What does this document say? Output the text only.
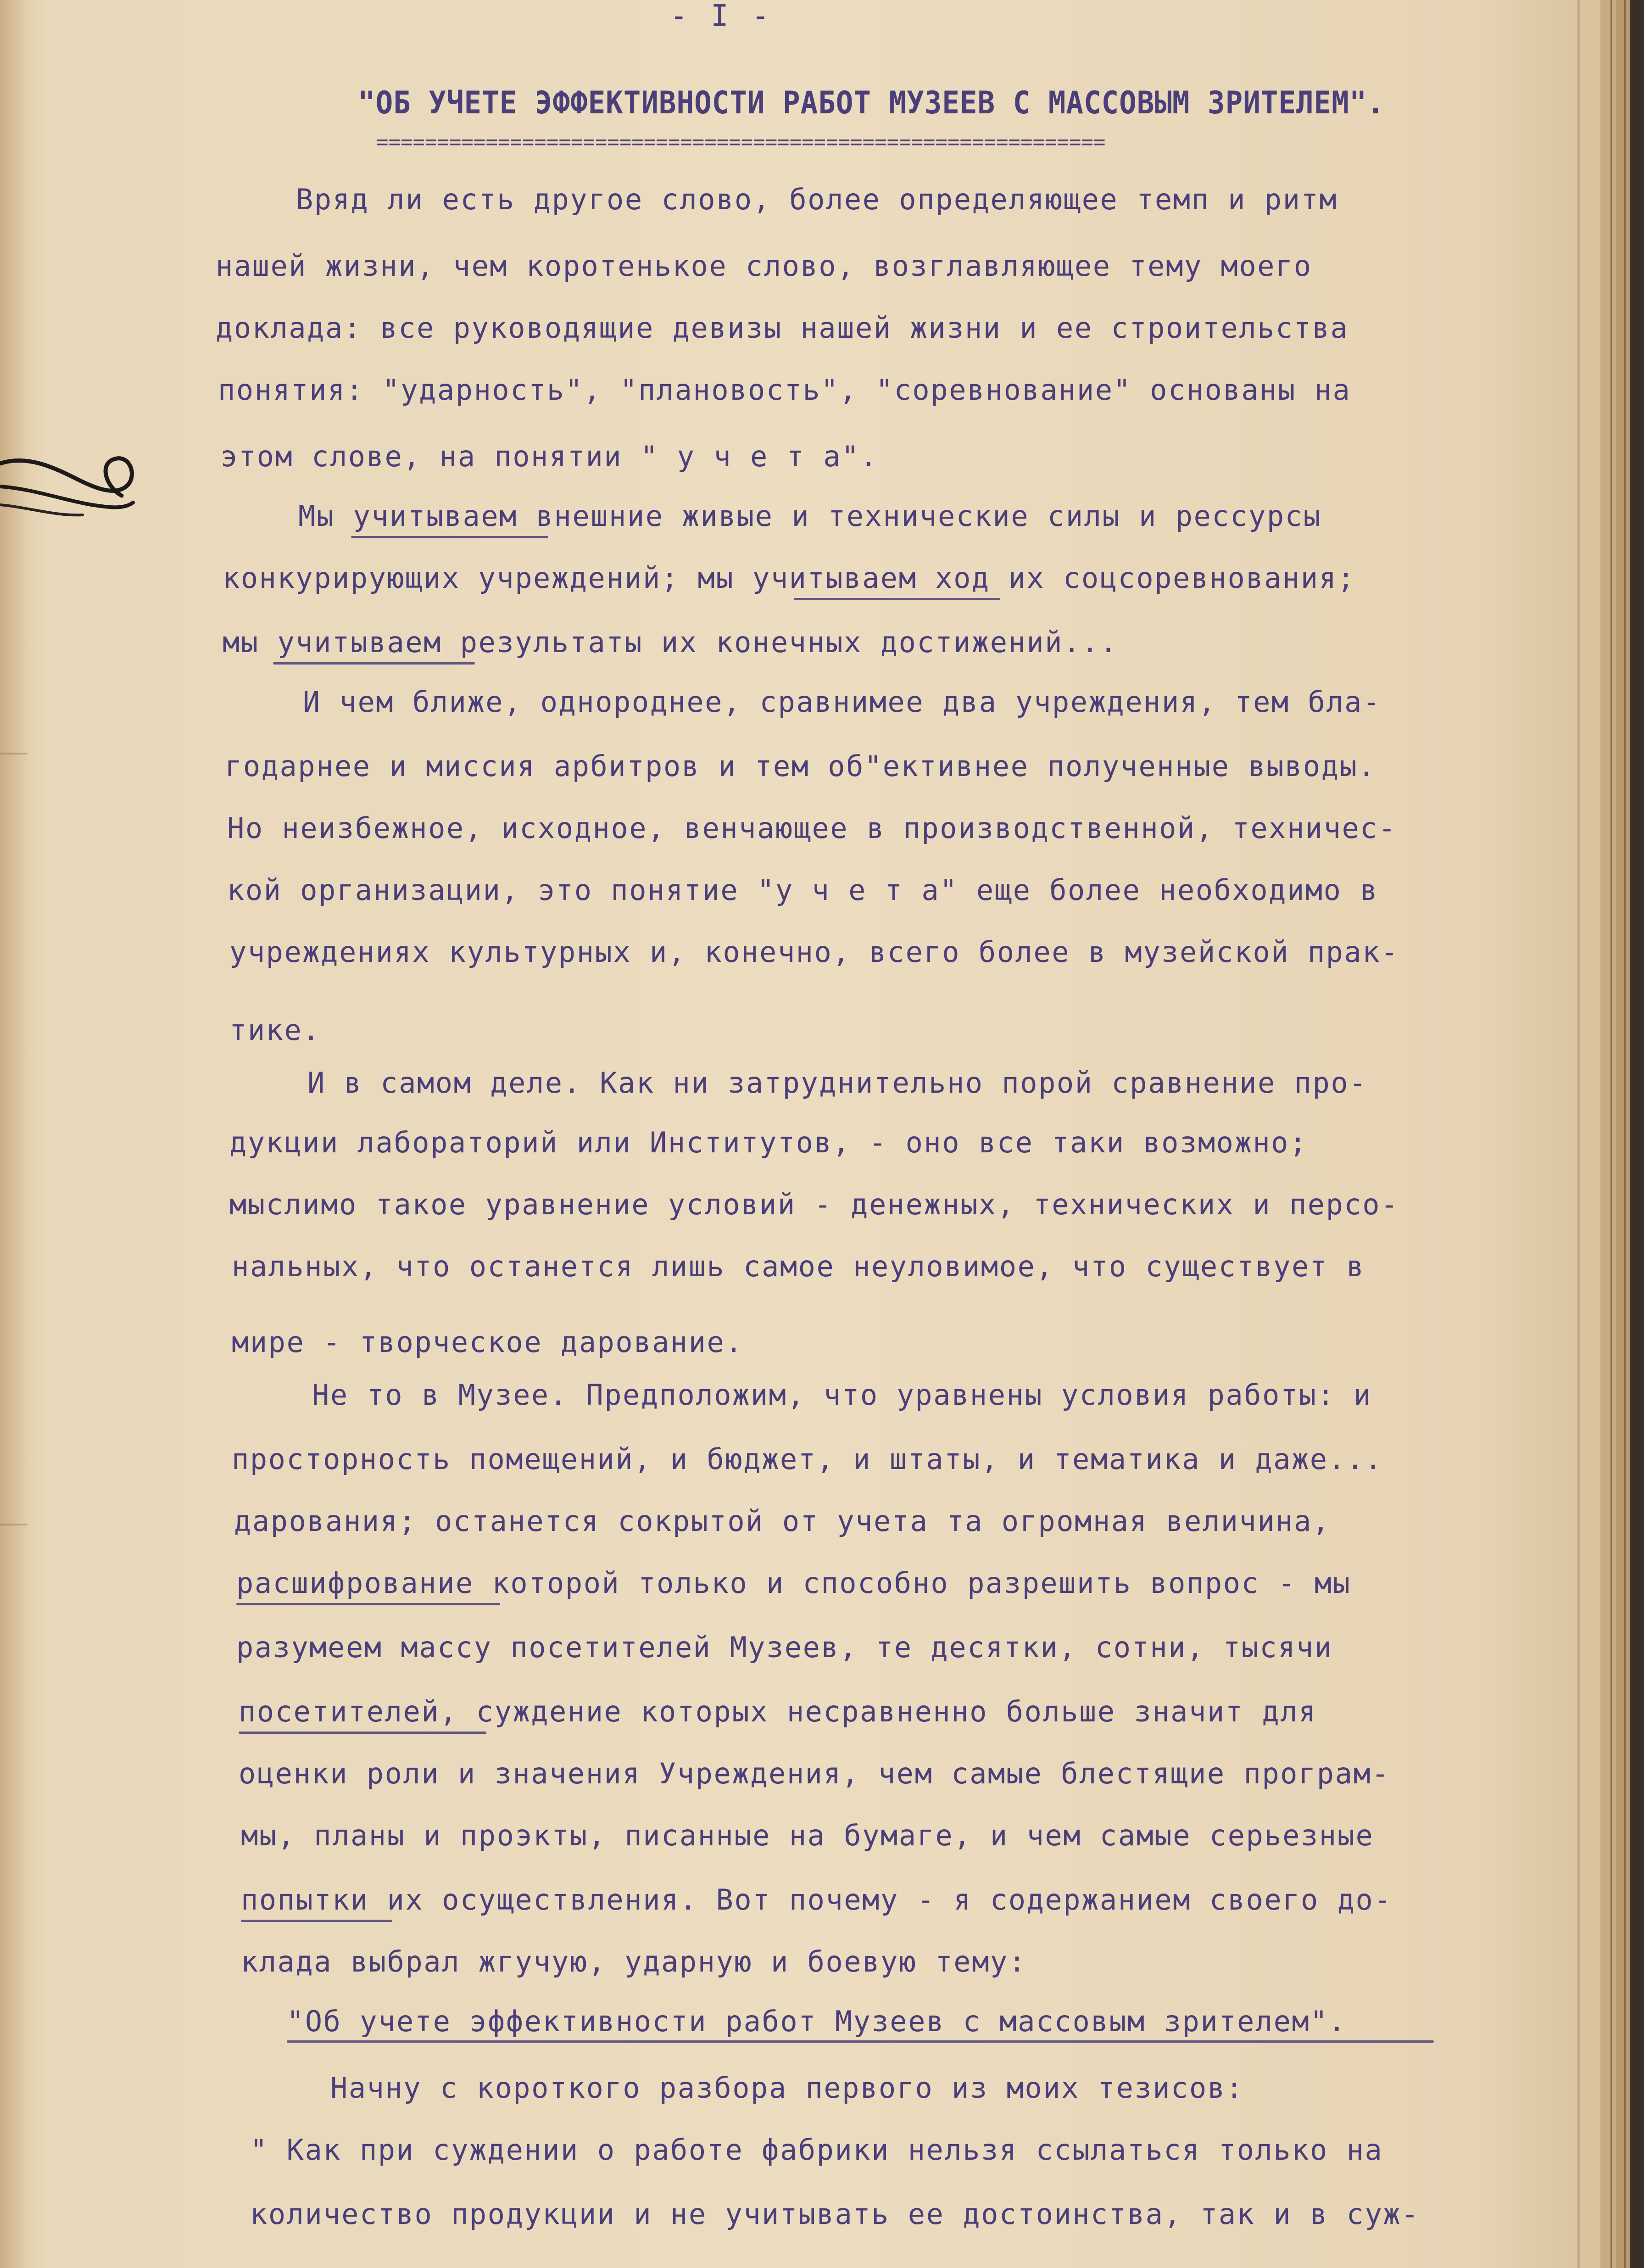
- I -
"ОБ УЧЕТЕ ЭФФЕКТИВНОСТИ РАБОТ МУЗЕЕВ С МАССОВЫМ ЗРИТЕЛЕМ".
============================================================
Вряд ли есть другое слово, более определяющее темп и ритм
нашей жизни, чем коротенькое слово, возглавляющее тему моего
доклада: все руководящие девизы нашей жизни и ее строительства
понятия: "ударность", "плановость", "соревнование" основаны на
этом слове, на понятии " у ч е т а".
Мы учитываем внешние живые и технические силы и рессурсы
конкурирующих учреждений; мы учитываем ход их соцсоревнования;
мы учитываем результаты их конечных достижений...
И чем ближе, однороднее, сравнимее два учреждения, тем бла-
годарнее и миссия арбитров и тем об"ективнее полученные выводы.
Но неизбежное, исходное, венчающее в производственной, техничес-
кой организации, это понятие "у ч е т а" еще более необходимо в
учреждениях культурных и, конечно, всего более в музейской прак-
тике.
И в самом деле. Как ни затруднительно порой сравнение про-
дукции лабораторий или Институтов, - оно все таки возможно;
мыслимо такое уравнение условий - денежных, технических и персо-
нальных, что останется лишь самое неуловимое, что существует в
мире - творческое дарование.
Не то в Музее. Предположим, что уравнены условия работы: и
просторность помещений, и бюджет, и штаты, и тематика и даже...
дарования; останется сокрытой от учета та огромная величина,
расшифрование которой только и способно разрешить вопрос - мы
разумеем массу посетителей Музеев, те десятки, сотни, тысячи
посетителей, суждение которых несравненно больше значит для
оценки роли и значения Учреждения, чем самые блестящие програм-
мы, планы и проэкты, писанные на бумаге, и чем самые серьезные
попытки их осуществления. Вот почему - я содержанием своего до-
клада выбрал жгучую, ударную и боевую тему:
"Об учете эффективности работ Музеев с массовым зрителем".
Начну с короткого разбора первого из моих тезисов:
" Как при суждении о работе фабрики нельзя ссылаться только на
количество продукции и не учитывать ее достоинства, так и в суж-
